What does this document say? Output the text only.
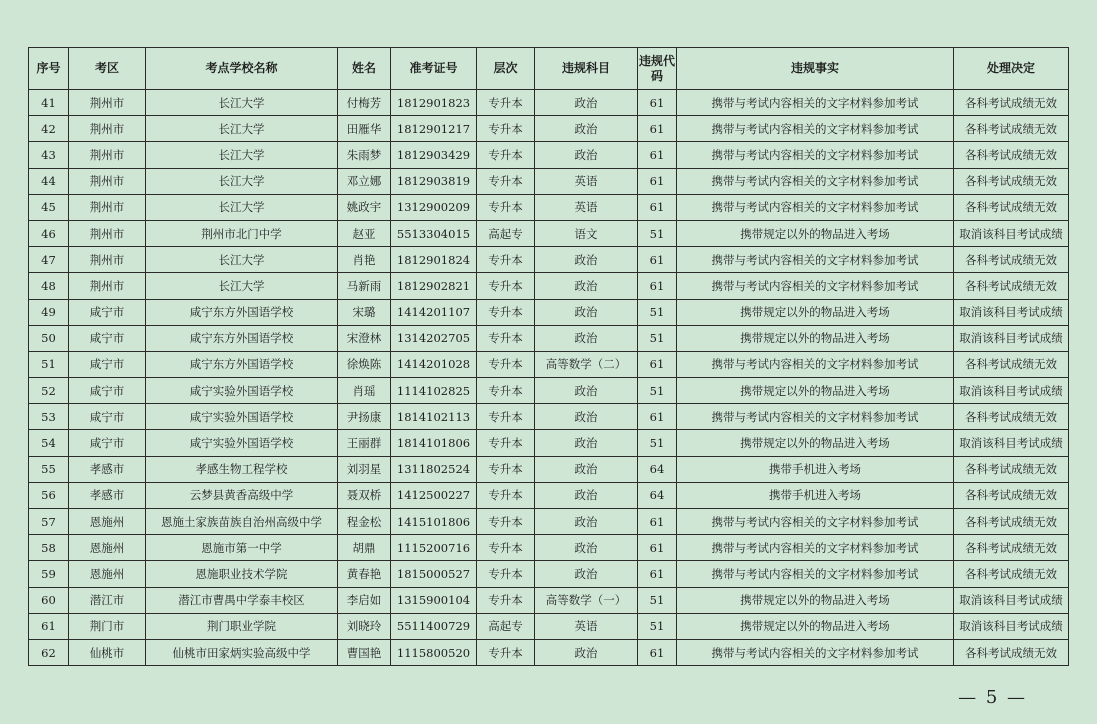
序号	考区	考点学校名称	姓名	准考证号	层次	违规科目	违规代码	违规事实	处理决定
41	荆州市	长江大学	付梅芳	1812901823	专升本	政治	61	携带与考试内容相关的文字材料参加考试	各科考试成绩无效
42	荆州市	长江大学	田雁华	1812901217	专升本	政治	61	携带与考试内容相关的文字材料参加考试	各科考试成绩无效
43	荆州市	长江大学	朱雨梦	1812903429	专升本	政治	61	携带与考试内容相关的文字材料参加考试	各科考试成绩无效
44	荆州市	长江大学	邓立娜	1812903819	专升本	英语	61	携带与考试内容相关的文字材料参加考试	各科考试成绩无效
45	荆州市	长江大学	姚政宇	1312900209	专升本	英语	61	携带与考试内容相关的文字材料参加考试	各科考试成绩无效
46	荆州市	荆州市北门中学	赵亚	5513304015	高起专	语文	51	携带规定以外的物品进入考场	取消该科目考试成绩
47	荆州市	长江大学	肖艳	1812901824	专升本	政治	61	携带与考试内容相关的文字材料参加考试	各科考试成绩无效
48	荆州市	长江大学	马新雨	1812902821	专升本	政治	61	携带与考试内容相关的文字材料参加考试	各科考试成绩无效
49	咸宁市	咸宁东方外国语学校	宋璐	1414201107	专升本	政治	51	携带规定以外的物品进入考场	取消该科目考试成绩
50	咸宁市	咸宁东方外国语学校	宋澄林	1314202705	专升本	政治	51	携带规定以外的物品进入考场	取消该科目考试成绩
51	咸宁市	咸宁东方外国语学校	徐焕陈	1414201028	专升本	高等数学（二）	61	携带与考试内容相关的文字材料参加考试	各科考试成绩无效
52	咸宁市	咸宁实验外国语学校	肖瑶	1114102825	专升本	政治	51	携带规定以外的物品进入考场	取消该科目考试成绩
53	咸宁市	咸宁实验外国语学校	尹扬康	1814102113	专升本	政治	61	携带与考试内容相关的文字材料参加考试	各科考试成绩无效
54	咸宁市	咸宁实验外国语学校	王丽群	1814101806	专升本	政治	51	携带规定以外的物品进入考场	取消该科目考试成绩
55	孝感市	孝感生物工程学校	刘羽星	1311802524	专升本	政治	64	携带手机进入考场	各科考试成绩无效
56	孝感市	云梦县黄香高级中学	聂双桥	1412500227	专升本	政治	64	携带手机进入考场	各科考试成绩无效
57	恩施州	恩施土家族苗族自治州高级中学	程金松	1415101806	专升本	政治	61	携带与考试内容相关的文字材料参加考试	各科考试成绩无效
58	恩施州	恩施市第一中学	胡鼎	1115200716	专升本	政治	61	携带与考试内容相关的文字材料参加考试	各科考试成绩无效
59	恩施州	恩施职业技术学院	黄春艳	1815000527	专升本	政治	61	携带与考试内容相关的文字材料参加考试	各科考试成绩无效
60	潜江市	潜江市曹禺中学泰丰校区	李启如	1315900104	专升本	高等数学（一）	51	携带规定以外的物品进入考场	取消该科目考试成绩
61	荆门市	荆门职业学院	刘晓玲	5511400729	高起专	英语	51	携带规定以外的物品进入考场	取消该科目考试成绩
62	仙桃市	仙桃市田家炳实验高级中学	曹国艳	1115800520	专升本	政治	61	携带与考试内容相关的文字材料参加考试	各科考试成绩无效
— 5 —
